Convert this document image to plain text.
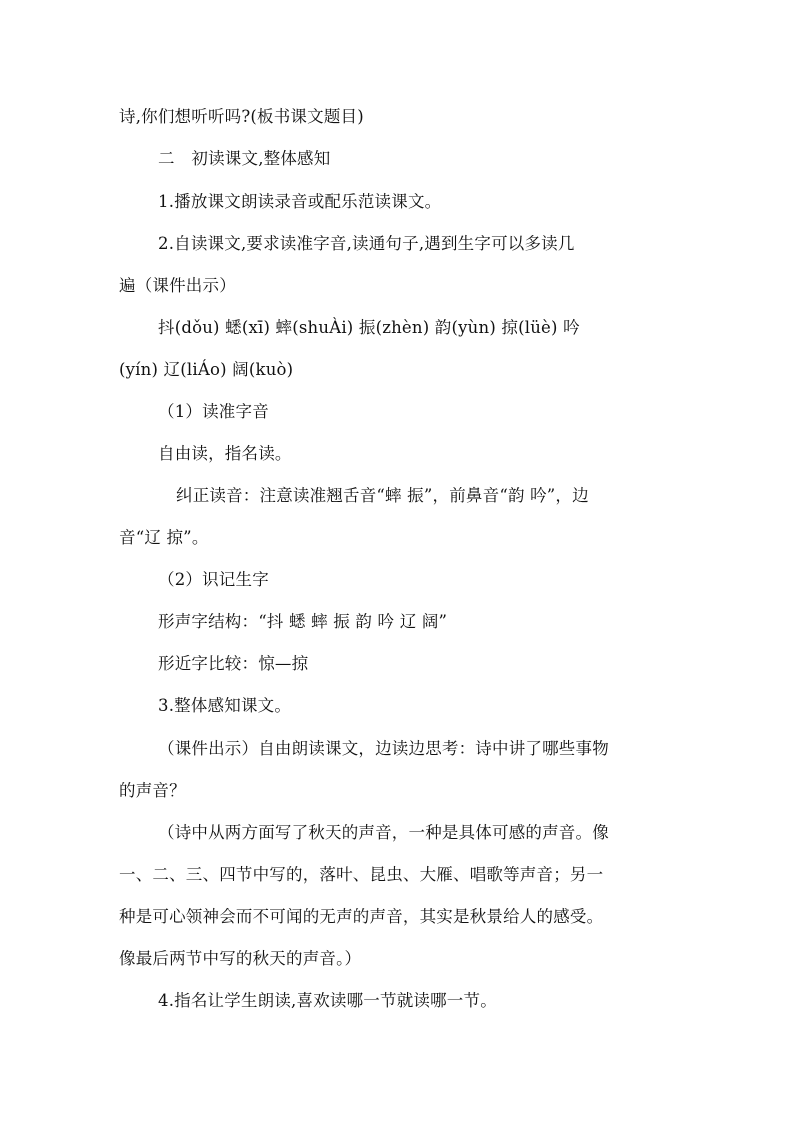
诗,你们想听听吗?(板书课文题目)
二　初读课文,整体感知
1.播放课文朗读录音或配乐范读课文。
2.自读课文,要求读准字音,读通句子,遇到生字可以多读几
遍（课件出示）
抖(dǒu) 蟋(xī) 蟀(shuÀi) 振(zhèn) 韵(yùn) 掠(lüè) 吟
(yín) 辽(liÁo) 阔(kuò)
（1）读准字音
自由读，指名读。
纠正读音：注意读准翘舌音“蟀 振”，前鼻音“韵 吟”，边
音“辽 掠”。
（2）识记生字
形声字结构：“抖 蟋 蟀 振 韵 吟 辽 阔”
形近字比较：惊—掠
3.整体感知课文。
（课件出示）自由朗读课文，边读边思考：诗中讲了哪些事物
的声音？
（诗中从两方面写了秋天的声音，一种是具体可感的声音。像
一、二、三、四节中写的，落叶、昆虫、大雁、唱歌等声音；另一
种是可心领神会而不可闻的无声的声音，其实是秋景给人的感受。
像最后两节中写的秋天的声音。）
4.指名让学生朗读,喜欢读哪一节就读哪一节。
